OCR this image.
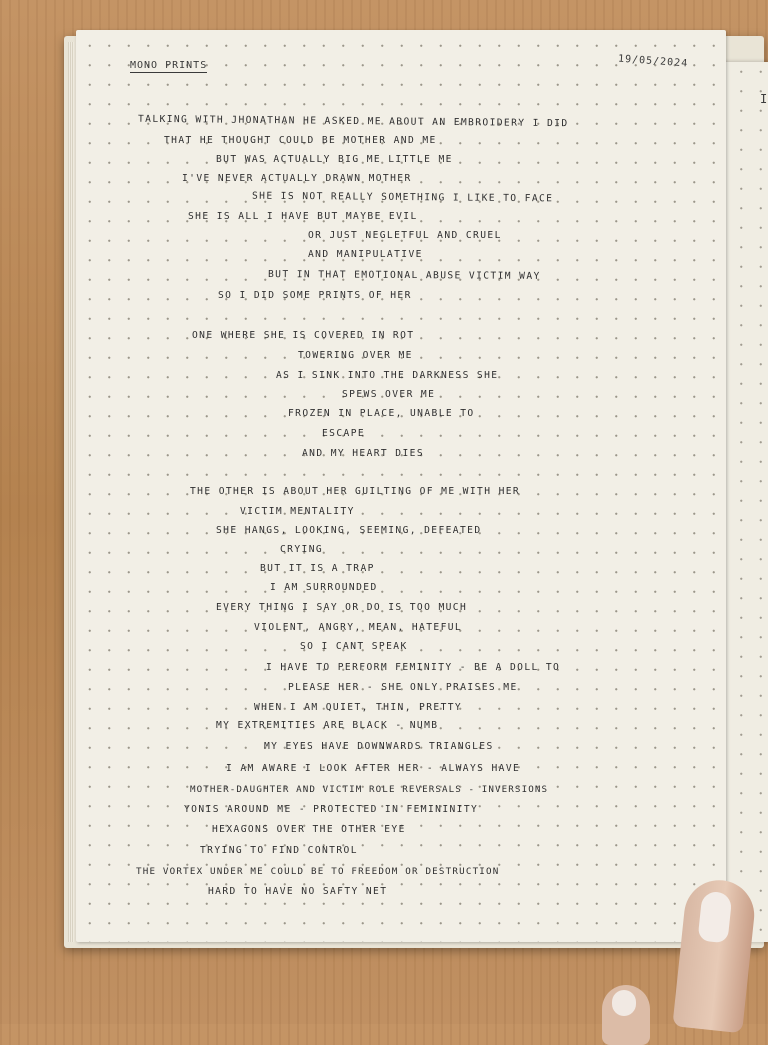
I
MONO PRINTS	19/05/2024
TALKING WITH JHONATHAN HE ASKED ME ABOUT AN EMBROIDERY I DID
THAT HE THOUGHT COULD BE MOTHER AND ME
BUT WAS ACTUALLY BIG ME LITTLE ME
I'VE NEVER ACTUALLY DRAWN MOTHER
SHE IS NOT REALLY SOMETHING I LIKE TO FACE
SHE IS ALL I HAVE BUT MAYBE EVIL
OR JUST NEGLETFUL AND CRUEL
AND MANIPULATIVE
BUT IN THAT EMOTIONAL ABUSE VICTIM WAY
SO I DID SOME PRINTS OF HER
ONE WHERE SHE IS COVERED IN ROT
TOWERING OVER ME
AS I SINK INTO THE DARKNESS SHE
SPEWS OVER ME
FROZEN IN PLACE, UNABLE TO
ESCAPE
AND MY HEART DIES
THE OTHER IS ABOUT HER GUILTING OF ME WITH HER
VICTIM MENTALITY
SHE HANGS, LOOKING, SEEMING, DEFEATED
CRYING
BUT IT IS A TRAP
I AM SURROUNDED
EVERY THING I SAY OR DO IS TOO MUCH
VIOLENT, ANGRY, MEAN, HATEFUL
SO I CANT SPEAK
I HAVE TO PERFORM FEMINITY - BE A DOLL TO
PLEASE HER - SHE ONLY PRAISES ME
WHEN I AM QUIET, THIN, PRETTY
MY EXTREMITIES ARE BLACK - NUMB
MY EYES HAVE DOWNWARDS TRIANGLES
I AM AWARE I LOOK AFTER HER - ALWAYS HAVE
MOTHER-DAUGHTER AND VICTIM ROLE REVERSALS - INVERSIONS
YONIS AROUND ME - PROTECTED IN FEMININITY
HEXAGONS OVER THE OTHER EYE
TRYING TO FIND CONTROL
THE VORTEX UNDER ME COULD BE TO FREEDOM OR DESTRUCTION
HARD TO HAVE NO SAFTY NET
